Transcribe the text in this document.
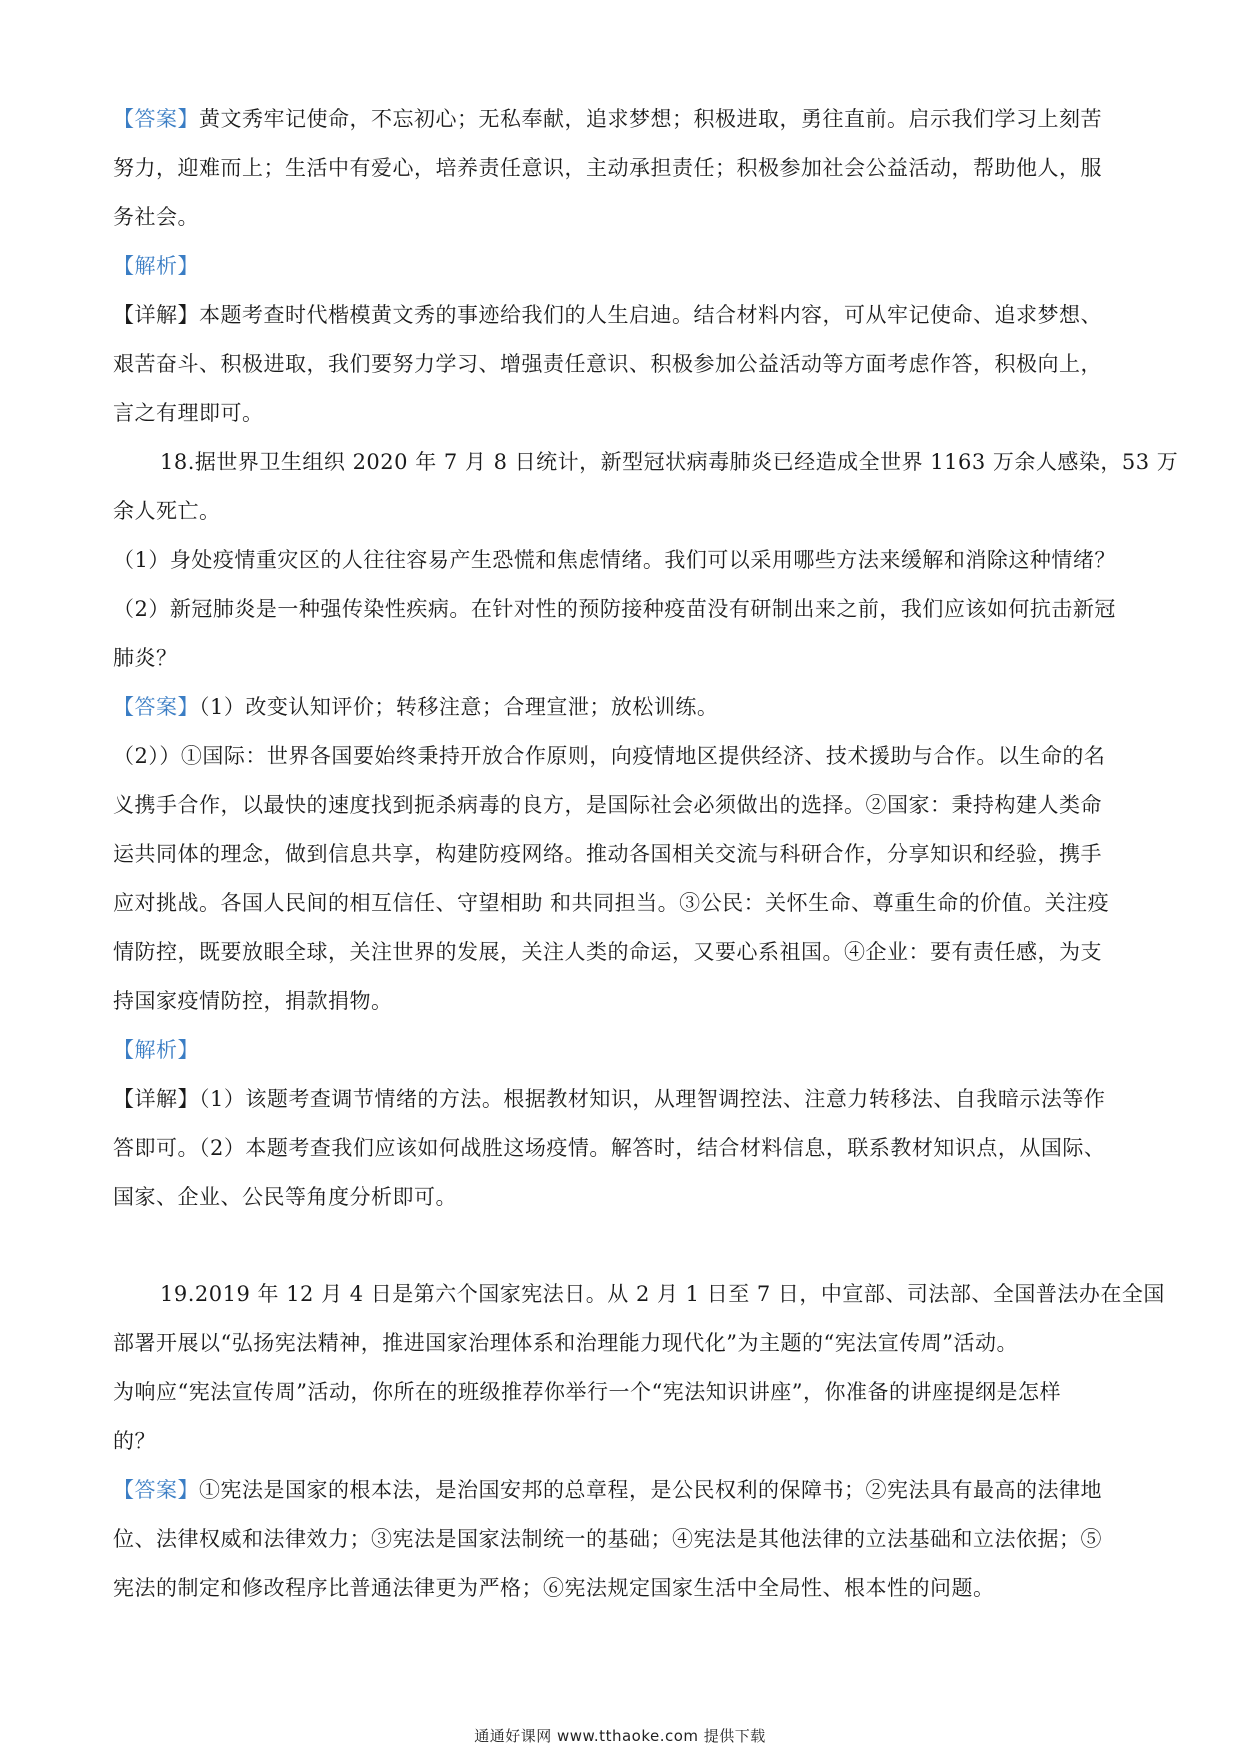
【答案】黄文秀牢记使命，不忘初心；无私奉献，追求梦想；积极进取，勇往直前。启示我们学习上刻苦
努力，迎难而上；生活中有爱心，培养责任意识，主动承担责任；积极参加社会公益活动，帮助他人，服
务社会。
【解析】
【详解】本题考查时代楷模黄文秀的事迹给我们的人生启迪。结合材料内容，可从牢记使命、追求梦想、
艰苦奋斗、积极进取，我们要努力学习、增强责任意识、积极参加公益活动等方面考虑作答，积极向上，
言之有理即可。
18.据世界卫生组织 2020 年 7 月 8 日统计，新型冠状病毒肺炎已经造成全世界 1163 万余人感染，53 万
余人死亡。
（1）身处疫情重灾区的人往往容易产生恐慌和焦虑情绪。我们可以采用哪些方法来缓解和消除这种情绪？
（2）新冠肺炎是一种强传染性疾病。在针对性的预防接种疫苗没有研制出来之前，我们应该如何抗击新冠
肺炎？
【答案】（1）改变认知评价；转移注意；合理宣泄；放松训练。
（2））①国际：世界各国要始终秉持开放合作原则，向疫情地区提供经济、技术援助与合作。以生命的名
义携手合作，以最快的速度找到扼杀病毒的良方，是国际社会必须做出的选择。②国家：秉持构建人类命
运共同体的理念，做到信息共享，构建防疫网络。推动各国相关交流与科研合作，分享知识和经验，携手
应对挑战。各国人民间的相互信任、守望相助 和共同担当。③公民：关怀生命、尊重生命的价值。关注疫
情防控，既要放眼全球，关注世界的发展，关注人类的命运，又要心系祖国。④企业：要有责任感，为支
持国家疫情防控，捐款捐物。
【解析】
【详解】（1）该题考查调节情绪的方法。根据教材知识，从理智调控法、注意力转移法、自我暗示法等作
答即可。（2）本题考查我们应该如何战胜这场疫情。解答时，结合材料信息，联系教材知识点，从国际、
国家、企业、公民等角度分析即可。
19.2019 年 12 月 4 日是第六个国家宪法日。从 2 月 1 日至 7 日，中宣部、司法部、全国普法办在全国
部署开展以“弘扬宪法精神，推进国家治理体系和治理能力现代化”为主题的“宪法宣传周”活动。
为响应“宪法宣传周”活动，你所在的班级推荐你举行一个“宪法知识讲座”，你准备的讲座提纲是怎样
的？
【答案】①宪法是国家的根本法，是治国安邦的总章程，是公民权利的保障书；②宪法具有最高的法律地
位、法律权威和法律效力；③宪法是国家法制统一的基础；④宪法是其他法律的立法基础和立法依据；⑤
宪法的制定和修改程序比普通法律更为严格；⑥宪法规定国家生活中全局性、根本性的问题。
通通好课网 www.tthaoke.com 提供下载
